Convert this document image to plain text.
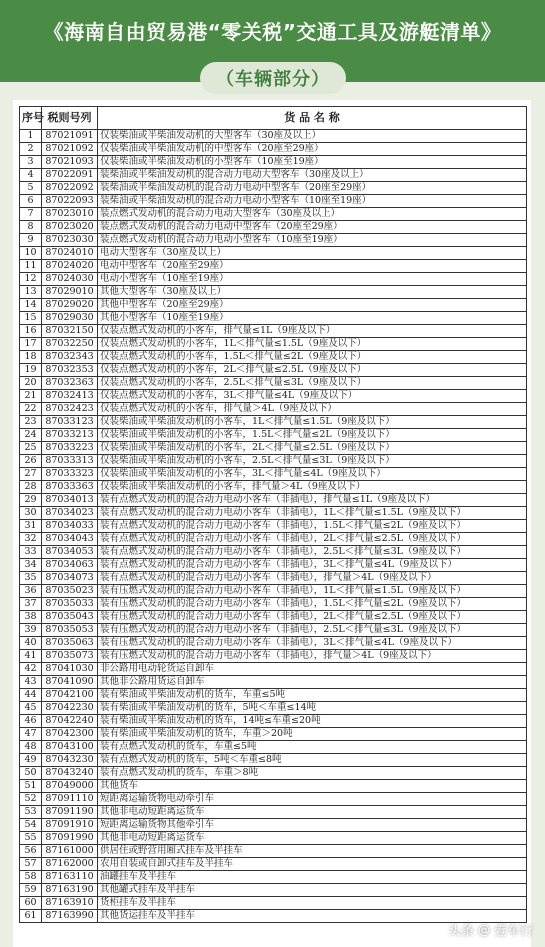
《海南自由贸易港“零关税”交通工具及游艇清单》
（车辆部分）
序号	税则号列	货 品 名 称
1	87021091	仅装柴油或半柴油发动机的大型客车（30座及以上）
2	87021092	仅装柴油或半柴油发动机的中型客车（20座至29座）
3	87021093	仅装柴油或半柴油发动机的小型客车（10座至19座）
4	87022091	装柴油或半柴油发动机的混合动力电动大型客车（30座及以上）
5	87022092	装柴油或半柴油发动机的混合动力电动中型客车（20座至29座）
6	87022093	装柴油或半柴油发动机的混合动力电动小型客车（10座至19座）
7	87023010	装点燃式发动机的混合动力电动大型客车（30座及以上）
8	87023020	装点燃式发动机的混合动力电动中型客车（20座至29座）
9	87023030	装点燃式发动机的混合动力电动小型客车（10座至19座）
10	87024010	电动大型客车（30座及以上）
11	87024020	电动中型客车（20座至29座）
12	87024030	电动小型客车（10座至19座）
13	87029010	其他大型客车（30座及以上）
14	87029020	其他中型客车（20座至29座）
15	87029030	其他小型客车（10座至19座）
16	87032150	仅装点燃式发动机的小客车，排气量≤1L（9座及以下）
17	87032250	仅装点燃式发动机的小客车，1L＜排气量≤1.5L（9座及以下）
18	87032343	仅装点燃式发动机的小客车，1.5L＜排气量≤2L（9座及以下）
19	87032353	仅装点燃式发动机的小客车，2L＜排气量≤2.5L（9座及以下）
20	87032363	仅装点燃式发动机的小客车，2.5L＜排气量≤3L（9座及以下）
21	87032413	仅装点燃式发动机的小客车，3L＜排气量≤4L（9座及以下）
22	87032423	仅装点燃式发动机的小客车，排气量＞4L（9座及以下）
23	87033123	仅装柴油或半柴油发动机的小客车，1L＜排气量≤1.5L（9座及以下）
24	87033213	仅装柴油或半柴油发动机的小客车，1.5L＜排气量≤2L（9座及以下）
25	87033223	仅装柴油或半柴油发动机的小客车，2L＜排气量≤2.5L（9座及以下）
26	87033313	仅装柴油或半柴油发动机的小客车，2.5L＜排气量≤3L（9座及以下）
27	87033323	仅装柴油或半柴油发动机的小客车，3L＜排气量≤4L（9座及以下）
28	87033363	仅装柴油或半柴油发动机的小客车，排气量＞4L（9座及以下）
29	87034013	装有点燃式发动机的混合动力电动小客车（非插电），排气量≤1L（9座及以下）
30	87034023	装有点燃式发动机的混合动力电动小客车（非插电），1L＜排气量≤1.5L（9座及以下）
31	87034033	装有点燃式发动机的混合动力电动小客车（非插电），1.5L＜排气量≤2L（9座及以下）
32	87034043	装有点燃式发动机的混合动力电动小客车（非插电），2L＜排气量≤2.5L（9座及以下）
33	87034053	装有点燃式发动机的混合动力电动小客车（非插电），2.5L＜排气量≤3L（9座及以下）
34	87034063	装有点燃式发动机的混合动力电动小客车（非插电），3L＜排气量≤4L（9座及以下）
35	87034073	装有点燃式发动机的混合动力电动小客车（非插电），排气量＞4L（9座及以下）
36	87035023	装有压燃式发动机的混合动力电动小客车（非插电），1L＜排气量≤1.5L（9座及以下）
37	87035033	装有压燃式发动机的混合动力电动小客车（非插电），1.5L＜排气量≤2L（9座及以下）
38	87035043	装有压燃式发动机的混合动力电动小客车（非插电），2L＜排气量≤2.5L（9座及以下）
39	87035053	装有压燃式发动机的混合动力电动小客车（非插电），2.5L＜排气量≤3L（9座及以下）
40	87035063	装有压燃式发动机的混合动力电动小客车（非插电），3L＜排气量≤4L（9座及以下）
41	87035073	装有压燃式发动机的混合动力电动小客车（非插电），排气量＞4L（9座及以下）
42	87041030	非公路用电动轮货运自卸车
43	87041090	其他非公路用货运自卸车
44	87042100	装有柴油或半柴油发动机的货车，车重≤5吨
45	87042230	装有柴油或半柴油发动机的货车，5吨＜车重≤14吨
46	87042240	装有柴油或半柴油发动机的货车，14吨≤车重≤20吨
47	87042300	装有柴油或半柴油发动机的货车，车重＞20吨
48	87043100	装有点燃式发动机的货车，车重≤5吨
49	87043230	装有点燃式发动机的货车，5吨＜车重≤8吨
50	87043240	装有点燃式发动机的货车，车重＞8吨
51	87049000	其他货车
52	87091110	短距离运输货物电动牵引车
53	87091190	其他非电动短距离运货车
54	87091910	短距离运输货物其他牵引车
55	87091990	其他非电动短距离运货车
56	87161000	供居住或野营用厢式挂车及半挂车
57	87162000	农用自装或自卸式挂车及半挂车
58	87163110	油罐挂车及半挂车
59	87163190	其他罐式挂车及半挂车
60	87163910	货柜挂车及半挂车
61	87163990	其他货运挂车及半挂车
头条 @ 壹车行
